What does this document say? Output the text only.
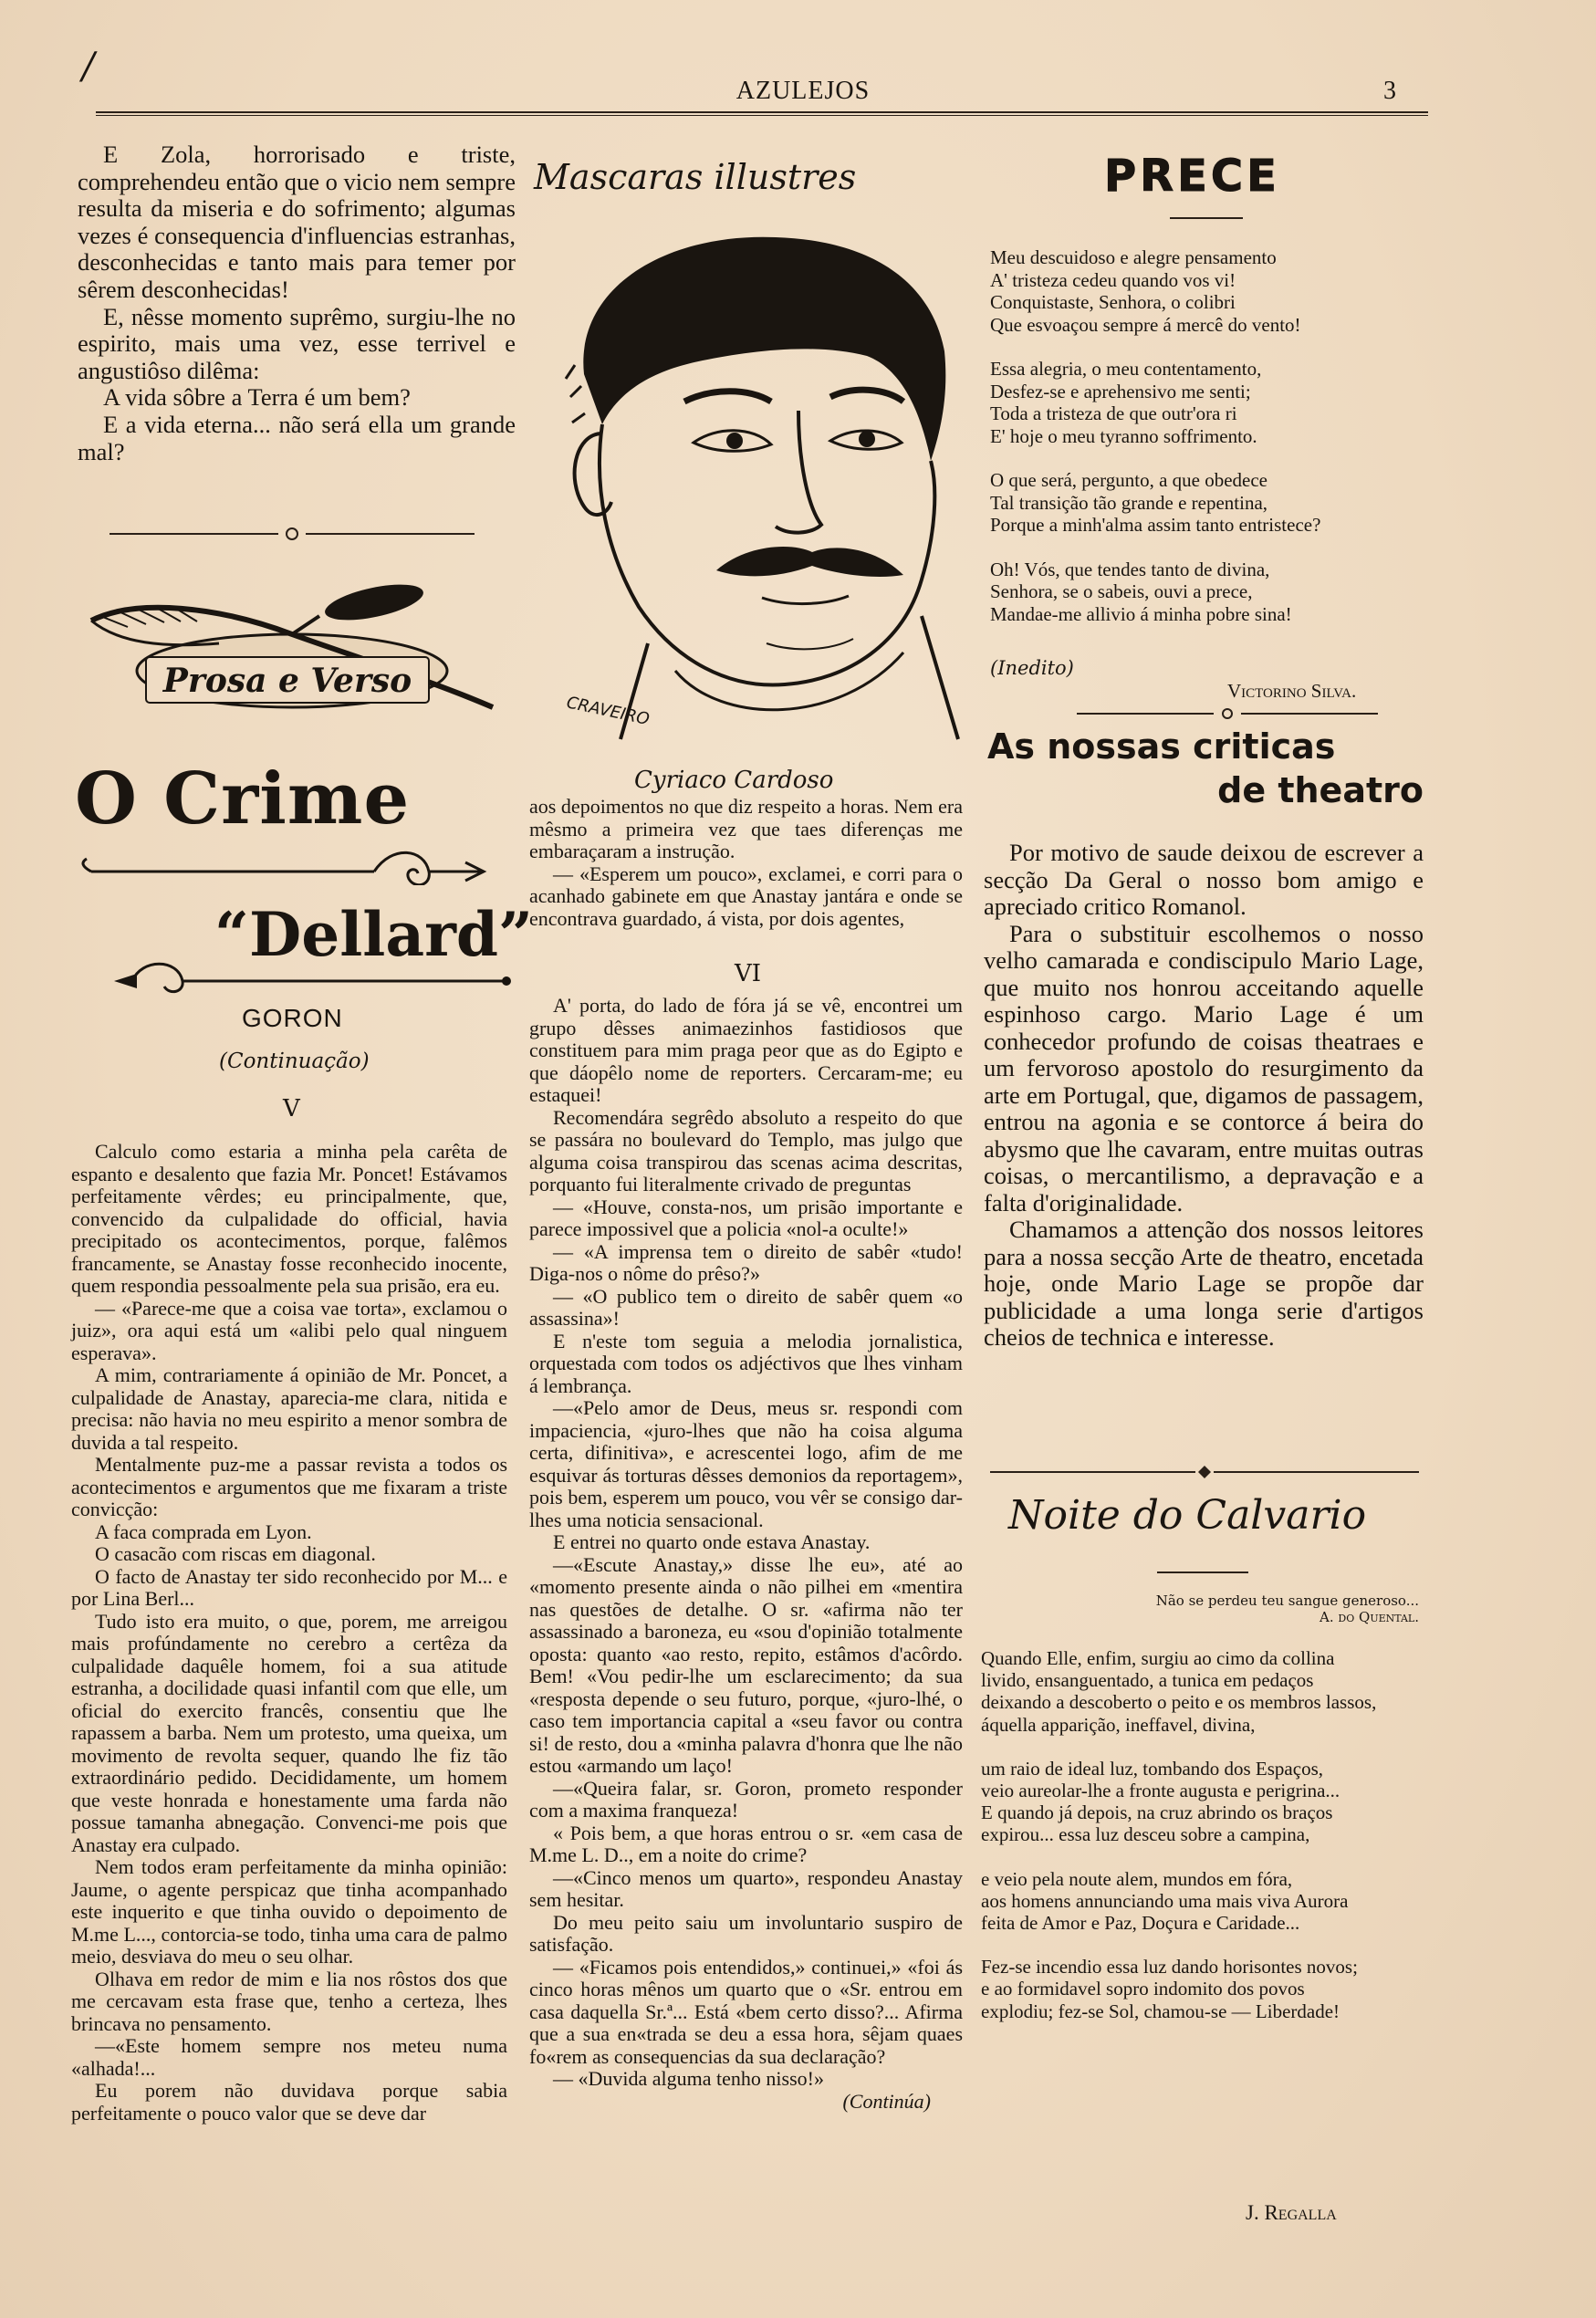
/
AZULEJOS	3

E Zola, horrorisado e triste, comprehendeu então que o vicio nem sempre resulta da miseria e do sofrimento; algumas vezes é consequencia d'influencias estranhas, desconhecidas e tanto mais para temer por sêrem desconhecidas!

E, nêsse momento suprêmo, surgiu-lhe no espirito, mais uma vez, esse terrivel e angustiôso dilêma:

A vida sôbre a Terra é um bem?

E a vida eterna... não será ella um grande mal?

Prosa e Verso
O Crime
“Dellard”
GORON
(Continuação)
V

Calculo como estaria a minha pela carêta de espanto e desalento que fazia Mr. Poncet! Estávamos perfeitamente vêrdes; eu principalmente, que, convencido da culpalidade do official, havia precipitado os acontecimentos, porque, falêmos francamente, se Anastay fosse reconhecido inocente, quem respondia pessoalmente pela sua prisão, era eu.

— «Parece-me que a coisa vae torta», exclamou o juiz», ora aqui está um «alibi pelo qual ninguem esperava».

A mim, contrariamente á opinião de Mr. Poncet, a culpalidade de Anastay, aparecia-me clara, nitida e precisa: não havia no meu espirito a menor sombra de duvida a tal respeito.

Mentalmente puz-me a passar revista a todos os acontecimentos e argumentos que me fixaram a triste convicção:

A faca comprada em Lyon.

O casacão com riscas em diagonal.

O facto de Anastay ter sido reconhecido por M... e por Lina Berl...

Tudo isto era muito, o que, porem, me arreigou mais profúndamente no cerebro a certêza da culpalidade daquêle homem, foi a sua atitude estranha, a docilidade quasi infantil com que elle, um oficial do exercito francês, consentiu que lhe rapassem a barba. Nem um protesto, uma queixa, um movimento de revolta sequer, quando lhe fiz tão extraordinário pedido. Decididamente, um homem que veste honrada e honestamente uma farda não possue tamanha abnegação. Convenci-me pois que Anastay era culpado.

Nem todos eram perfeitamente da minha opinião: Jaume, o agente perspicaz que tinha acompanhado este inquerito e que tinha ouvido o depoimento de M.me L..., contorcia-se todo, tinha uma cara de palmo meio, desviava do meu o seu olhar.

Olhava em redor de mim e lia nos rôstos dos que me cercavam esta frase que, tenho a certeza, lhes brincava no pensamento.

—«Este homem sempre nos meteu numa «alhada!...

Eu porem não duvidava porque sabia perfeitamente o pouco valor que se deve dar

Mascaras illustres
CRAVEIRO
Cyriaco Cardoso

aos depoimentos no que diz respeito a horas. Nem era mêsmo a primeira vez que taes diferenças me embaraçaram a instrução.

— «Esperem um pouco», exclamei, e corri para o acanhado gabinete em que Anastay jantára e onde se encontrava guardado, á vista, por dois agentes,

VI

A' porta, do lado de fóra já se vê, encontrei um grupo dêsses animaezinhos fastidiosos que constituem para mim praga peor que as do Egipto e que dáopêlo nome de reporters. Cercaram-me; eu estaquei!

Recomendára segrêdo absoluto a respeito do que se passára no boulevard do Templo, mas julgo que alguma coisa transpirou das scenas acima descritas, porquanto fui literalmente crivado de preguntas

— «Houve, consta-nos, um prisão importante e parece impossivel que a policia «nol-a oculte!»

— «A imprensa tem o direito de sabêr «tudo! Diga-nos o nôme do prêso?»

— «O publico tem o direito de sabêr quem «o assassina»!

E n'este tom seguia a melodia jornalistica, orquestada com todos os adjéctivos que lhes vinham á lembrança.

—«Pelo amor de Deus, meus sr. respondi com impaciencia, «juro-lhes que não ha coisa alguma certa, difinitiva», e acrescentei logo, afim de me esquivar ás torturas dêsses demonios da reportagem», pois bem, esperem um pouco, vou vêr se consigo dar-lhes uma noticia sensacional.

E entrei no quarto onde estava Anastay.

—«Escute Anastay,» disse lhe eu», até ao «momento presente ainda o não pilhei em «mentira nas questões de detalhe. O sr. «afirma não ter assassinado a baroneza, eu «sou d'opinião totalmente oposta: quanto «ao resto, repito, estâmos d'acôrdo. Bem! «Vou pedir-lhe um esclarecimento; da sua «resposta depende o seu futuro, porque, «juro-lhé, o caso tem importancia capital a «seu favor ou contra si! de resto, dou a «minha palavra d'honra que lhe não estou «armando um laço!

—«Queira falar, sr. Goron, prometo responder com a maxima franqueza!

« Pois bem, a que horas entrou o sr. «em casa de M.me L. D.., em a noite do crime?

—«Cinco menos um quarto», respondeu Anastay sem hesitar.

Do meu peito saiu um involuntario suspiro de satisfação.

— «Ficamos pois entendidos,» continuei,» «foi ás cinco horas mênos um quarto que o «Sr. entrou em casa daquella Sr.ª... Está «bem certo disso?... Afirma que a sua en«trada se deu a essa hora, sêjam quaes fo«rem as consequencias da sua declaração?

— «Duvida alguma tenho nisso!»

(Continúa)

PRECE

Meu descuidoso e alegre pensamento

A' tristeza cedeu quando vos vi!

Conquistaste, Senhora, o colibri

Que esvoaçou sempre á mercê do vento!

Essa alegria, o meu contentamento,

Desfez-se e aprehensivo me senti;

Toda a tristeza de que outr'ora ri

E' hoje o meu tyranno soffrimento.

O que será, pergunto, a que obedece

Tal transição tão grande e repentina,

Porque a minh'alma assim tanto entristece?

Oh! Vós, que tendes tanto de divina,

Senhora, se o sabeis, ouvi a prece,

Mandae-me allivio á minha pobre sina!

(Inedito)
Victorino Silva.
As nossas criticas
de theatro

Por motivo de saude deixou de escrever a secção Da Geral o nosso bom amigo e apreciado critico Romanol.

Para o substituir escolhemos o nosso velho camarada e condiscipulo Mario Lage, que muito nos honrou acceitando aquelle espinhoso cargo. Mario Lage é um conhecedor profundo de coisas theatraes e um fervoroso apostolo do resurgimento da arte em Portugal, que, digamos de passagem, entrou na agonia e se contorce á beira do abysmo que lhe cavaram, entre muitas outras coisas, o mercantilismo, a depravação e a falta d'originalidade.

Chamamos a attenção dos nossos leitores para a nossa secção Arte de theatro, encetada hoje, onde Mario Lage se propõe dar publicidade a uma longa serie d'artigos cheios de technica e interesse.

Noite do Calvario
Não se perdeu teu sangue generoso...
A. do Quental.

Quando Elle, enfim, surgiu ao cimo da collina

livido, ensanguentado, a tunica em pedaços

deixando a descoberto o peito e os membros lassos,

áquella apparição, ineffavel, divina,

um raio de ideal luz, tombando dos Espaços,

veio aureolar-lhe a fronte augusta e perigrina...

E quando já depois, na cruz abrindo os braços

expirou... essa luz desceu sobre a campina,

e veio pela noute alem, mundos em fóra,

aos homens annunciando uma mais viva Aurora

feita de Amor e Paz, Doçura e Caridade...

Fez-se incendio essa luz dando horisontes novos;

e ao formidavel sopro indomito dos povos

explodiu; fez-se Sol, chamou-se — Liberdade!

J. Regalla
